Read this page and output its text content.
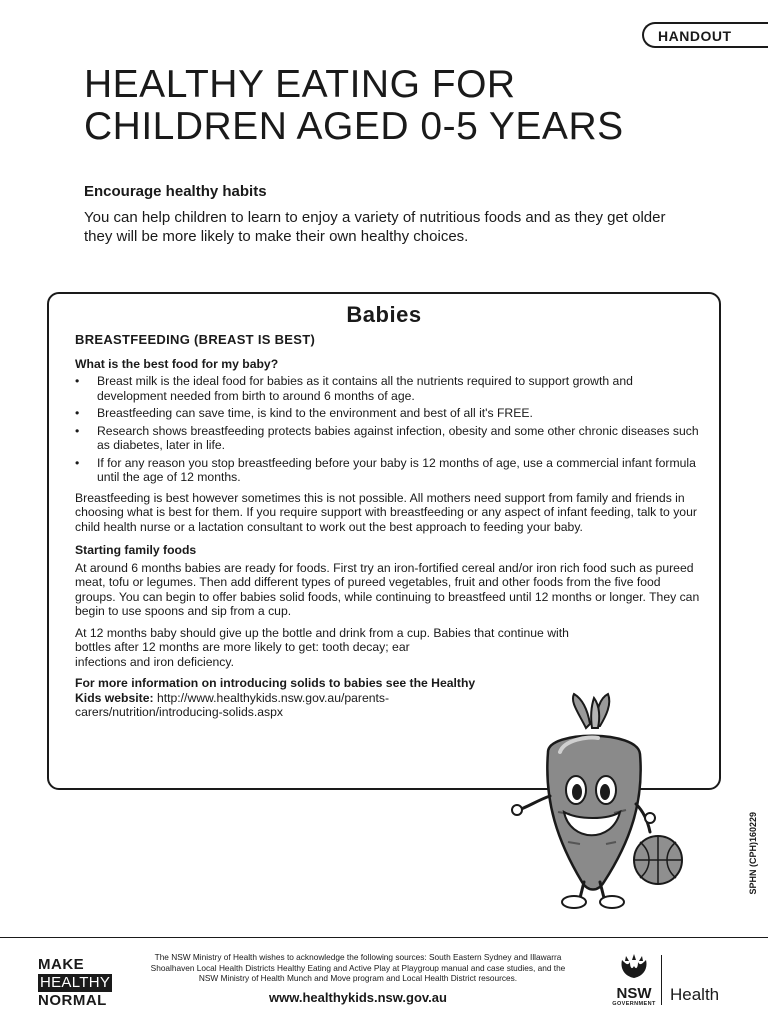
HANDOUT
HEALTHY EATING FOR
CHILDREN AGED 0-5 YEARS
Encourage healthy habits
You can help children to learn to enjoy a variety of nutritious foods and as they get older they will be more likely to make their own healthy choices.
Babies
BREASTFEEDING (BREAST IS BEST)
What is the best food for my baby?
• Breast milk is the ideal food for babies as it contains all the nutrients required to support growth and development needed from birth to around 6 months of age.
• Breastfeeding can save time, is kind to the environment and best of all it's FREE.
• Research shows breastfeeding protects babies against infection, obesity and some other chronic diseases such as diabetes, later in life.
• If for any reason you stop breastfeeding before your baby is 12 months of age, use a commercial infant formula until the age of 12 months.
Breastfeeding is best however sometimes this is not possible. All mothers need support from family and friends in choosing what is best for them. If you require support with breastfeeding or any aspect of infant feeding, talk to your child health nurse or a lactation consultant to work out the best approach to feeding your baby.
Starting family foods
At around 6 months babies are ready for foods. First try an iron-fortified cereal and/or iron rich food such as pureed meat, tofu or legumes. Then add different types of pureed vegetables, fruit and other foods from the five food groups. You can begin to offer babies solid foods, while continuing to breastfeed until 12 months or longer. They can begin to use spoons and sip from a cup.
At 12 months baby should give up the bottle and drink from a cup. Babies that continue with
bottles after 12 months are more likely to get: tooth decay; ear
infections and iron deficiency.
For more information on introducing solids to babies see the Healthy Kids website: http://www.healthykids.nsw.gov.au/parents-carers/nutrition/introducing-solids.aspx
SPHN (CPH)160229
MAKE
HEALTHY
NORMAL
The NSW Ministry of Health wishes to acknowledge the following sources: South Eastern Sydney and Illawarra Shoalhaven Local Health Districts Healthy Eating and Active Play at Playgroup manual and case studies, and the NSW Ministry of Health Munch and Move program and Local Health District resources.
www.healthykids.nsw.gov.au	NSW
GOVERNMENT Health
